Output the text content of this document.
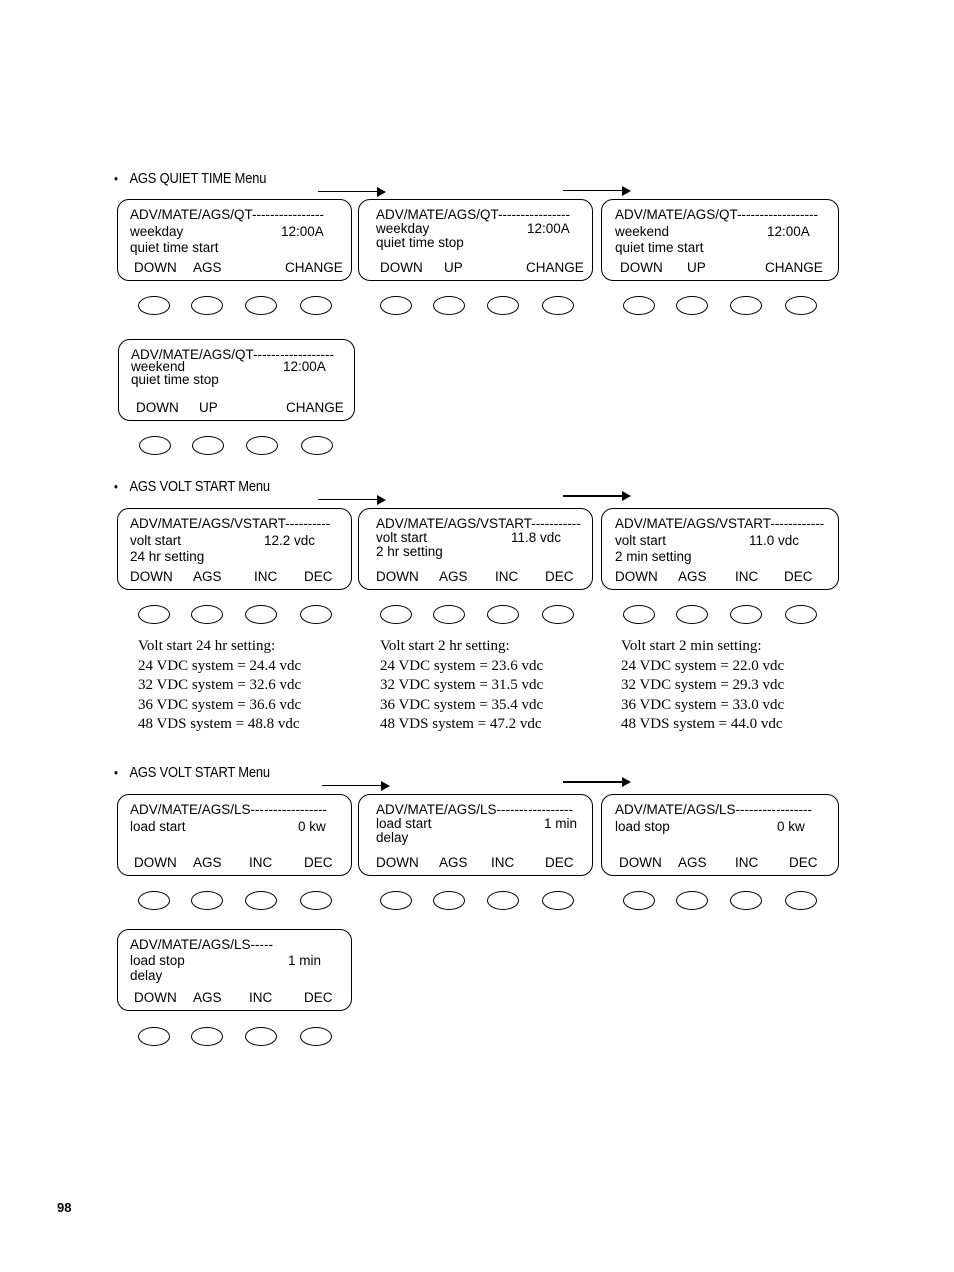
• AGS QUIET TIME Menu
• AGS VOLT START Menu
• AGS VOLT START Menu
ADV/MATE/AGS/QT----------------
weekday	12:00A
quiet time start
DOWN AGS	CHANGE
ADV/MATE/AGS/QT----------------
weekday	12:00A
quiet time stop
DOWN UP	CHANGE
ADV/MATE/AGS/QT------------------
weekend	12:00A
quiet time start
DOWN UP	CHANGE
ADV/MATE/AGS/QT------------------
weekend	12:00A
quiet time stop
DOWN UP	CHANGE
ADV/MATE/AGS/VSTART----------
volt start	12.2 vdc
24 hr setting
DOWN AGS INC DEC
ADV/MATE/AGS/VSTART-----------
volt start	11.8 vdc
2 hr setting
DOWN AGS INC DEC
ADV/MATE/AGS/VSTART------------
volt start	11.0 vdc
2 min setting
DOWN AGS INC DEC
Volt start 24 hr setting:
24 VDC system = 24.4 vdc
32 VDC system = 32.6 vdc
36 VDC system = 36.6 vdc
48 VDS system = 48.8 vdc
Volt start 2 hr setting:
24 VDC system = 23.6 vdc
32 VDC system = 31.5 vdc
36 VDC system = 35.4 vdc
48 VDS system = 47.2 vdc
Volt start 2 min setting:
24 VDC system = 22.0 vdc
32 VDC system = 29.3 vdc
36 VDC system = 33.0 vdc
48 VDS system = 44.0 vdc
ADV/MATE/AGS/LS-----------------
load start	0 kw
DOWN AGS INC DEC
ADV/MATE/AGS/LS-----------------
load start	1 min
delay
DOWN AGS INC DEC
ADV/MATE/AGS/LS-----------------
load stop	0 kw
DOWN AGS INC DEC
ADV/MATE/AGS/LS-----
load stop	1 min
delay
DOWN AGS INC DEC
98
